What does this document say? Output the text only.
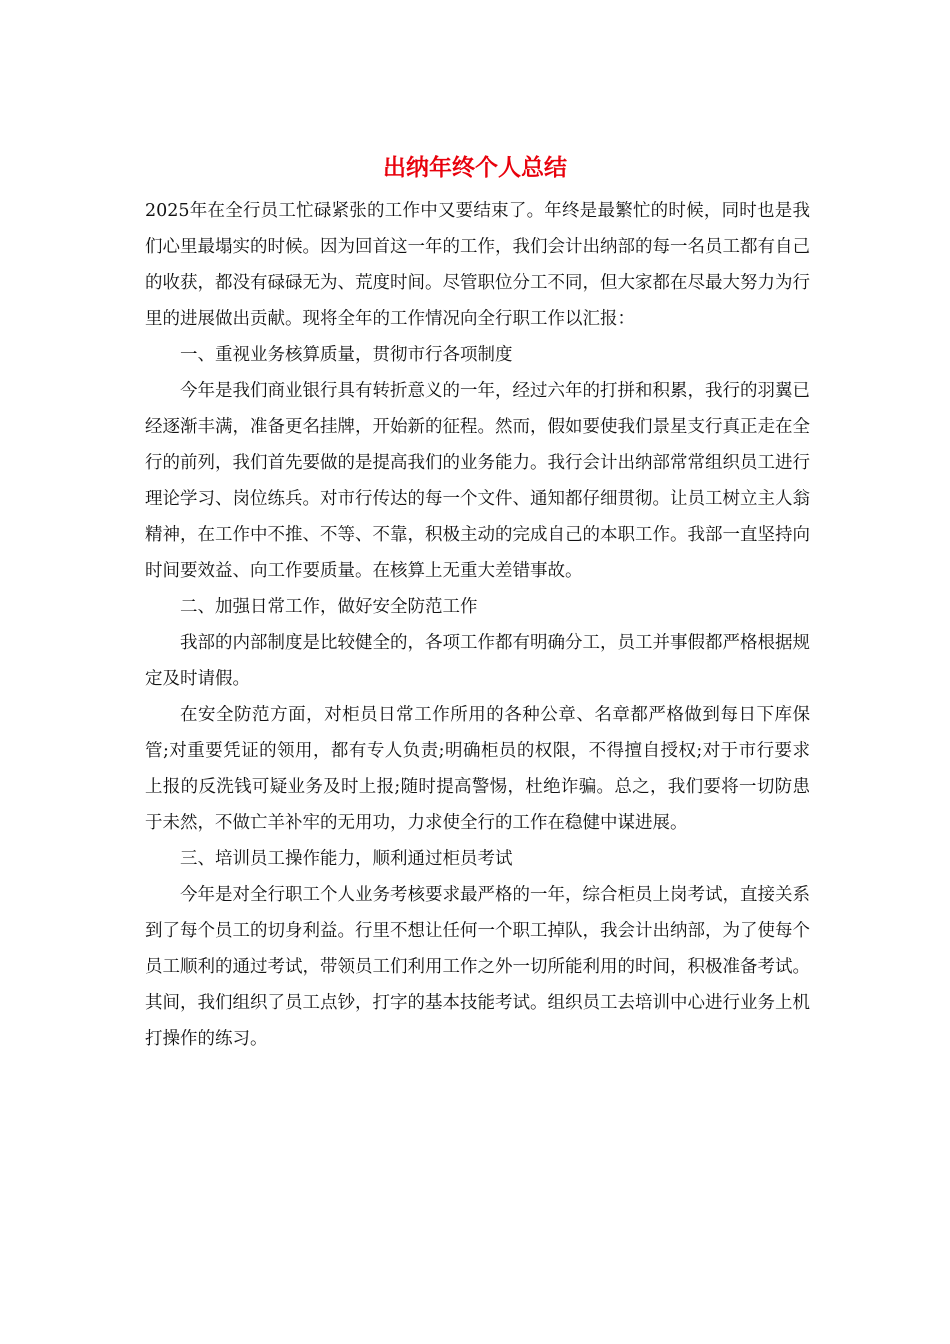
出纳年终个人总结

2025年在全行员工忙碌紧张的工作中又要结束了。年终是最繁忙的时候，同时也是我们心里最塌实的时候。因为回首这一年的工作，我们会计出纳部的每一名员工都有自己的收获，都没有碌碌无为、荒度时间。尽管职位分工不同，但大家都在尽最大努力为行里的进展做出贡献。现将全年的工作情况向全行职工作以汇报：

一、重视业务核算质量，贯彻市行各项制度

今年是我们商业银行具有转折意义的一年，经过六年的打拼和积累，我行的羽翼已经逐渐丰满，准备更名挂牌，开始新的征程。然而，假如要使我们景星支行真正走在全行的前列，我们首先要做的是提高我们的业务能力。我行会计出纳部常常组织员工进行理论学习、岗位练兵。对市行传达的每一个文件、通知都仔细贯彻。让员工树立主人翁精神，在工作中不推、不等、不靠，积极主动的完成自己的本职工作。我部一直坚持向时间要效益、向工作要质量。在核算上无重大差错事故。

二、加强日常工作，做好安全防范工作

我部的内部制度是比较健全的，各项工作都有明确分工，员工并事假都严格根据规定及时请假。

在安全防范方面，对柜员日常工作所用的各种公章、名章都严格做到每日下库保管;对重要凭证的领用，都有专人负责;明确柜员的权限，不得擅自授权;对于市行要求上报的反洗钱可疑业务及时上报;随时提高警惕，杜绝诈骗。总之，我们要将一切防患于未然，不做亡羊补牢的无用功，力求使全行的工作在稳健中谋进展。

三、培训员工操作能力，顺利通过柜员考试

今年是对全行职工个人业务考核要求最严格的一年，综合柜员上岗考试，直接关系到了每个员工的切身利益。行里不想让任何一个职工掉队，我会计出纳部，为了使每个员工顺利的通过考试，带领员工们利用工作之外一切所能利用的时间，积极准备考试。其间，我们组织了员工点钞，打字的基本技能考试。组织员工去培训中心进行业务上机打操作的练习。
